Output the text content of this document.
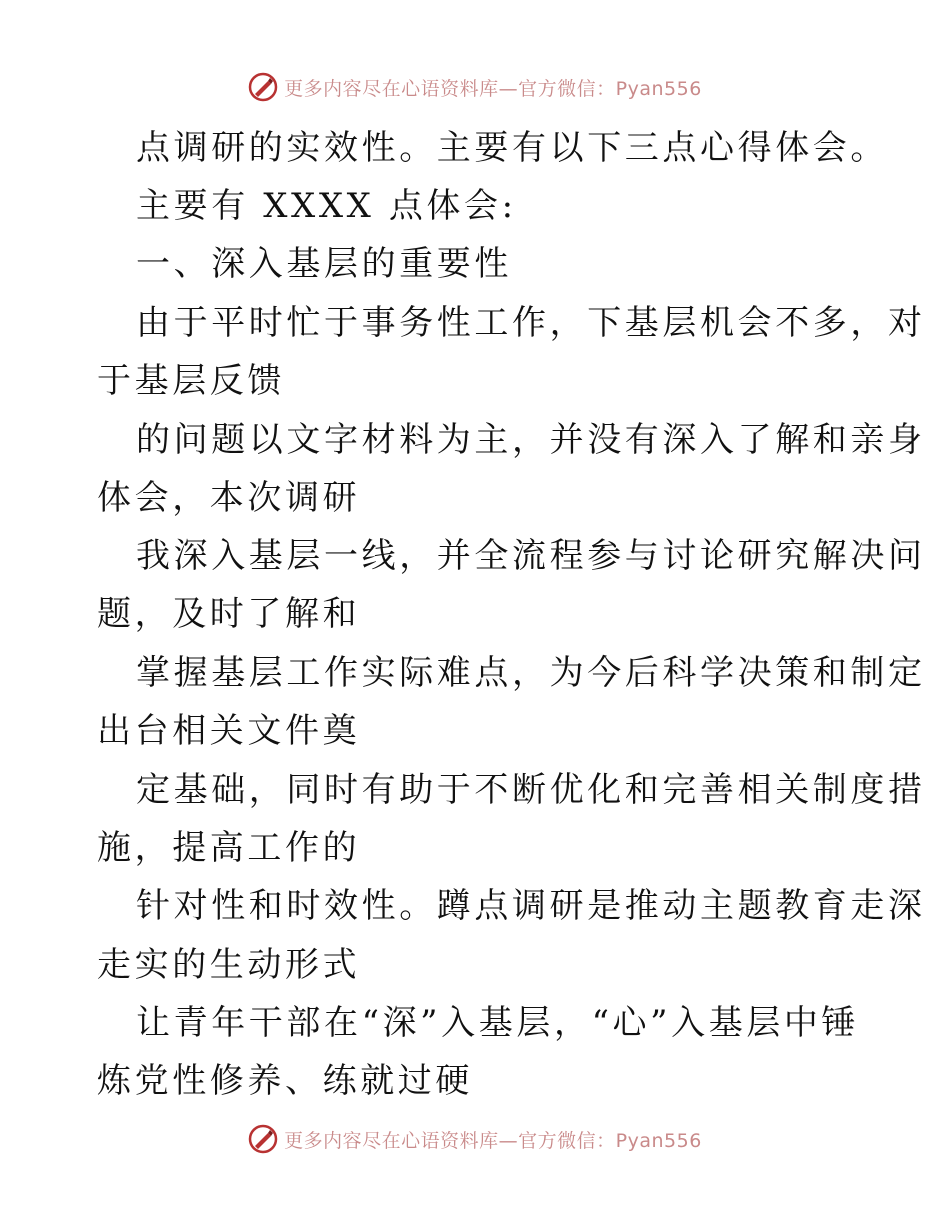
更多内容尽在心语资料库—官方微信：Pyan556
点调研的实效性。主要有以下三点心得体会。
主要有 XXXX 点体会:
一、深入基层的重要性
由于平时忙于事务性工作，下基层机会不多，对
于基层反馈
的问题以文字材料为主，并没有深入了解和亲身
体会，本次调研
我深入基层一线，并全流程参与讨论研究解决问
题，及时了解和
掌握基层工作实际难点，为今后科学决策和制定
出台相关文件奠
定基础，同时有助于不断优化和完善相关制度措
施，提高工作的
针对性和时效性。蹲点调研是推动主题教育走深
走实的生动形式
让青年干部在“深”入基层，“心”入基层中锤
炼党性修养、练就过硬
更多内容尽在心语资料库—官方微信：Pyan556
